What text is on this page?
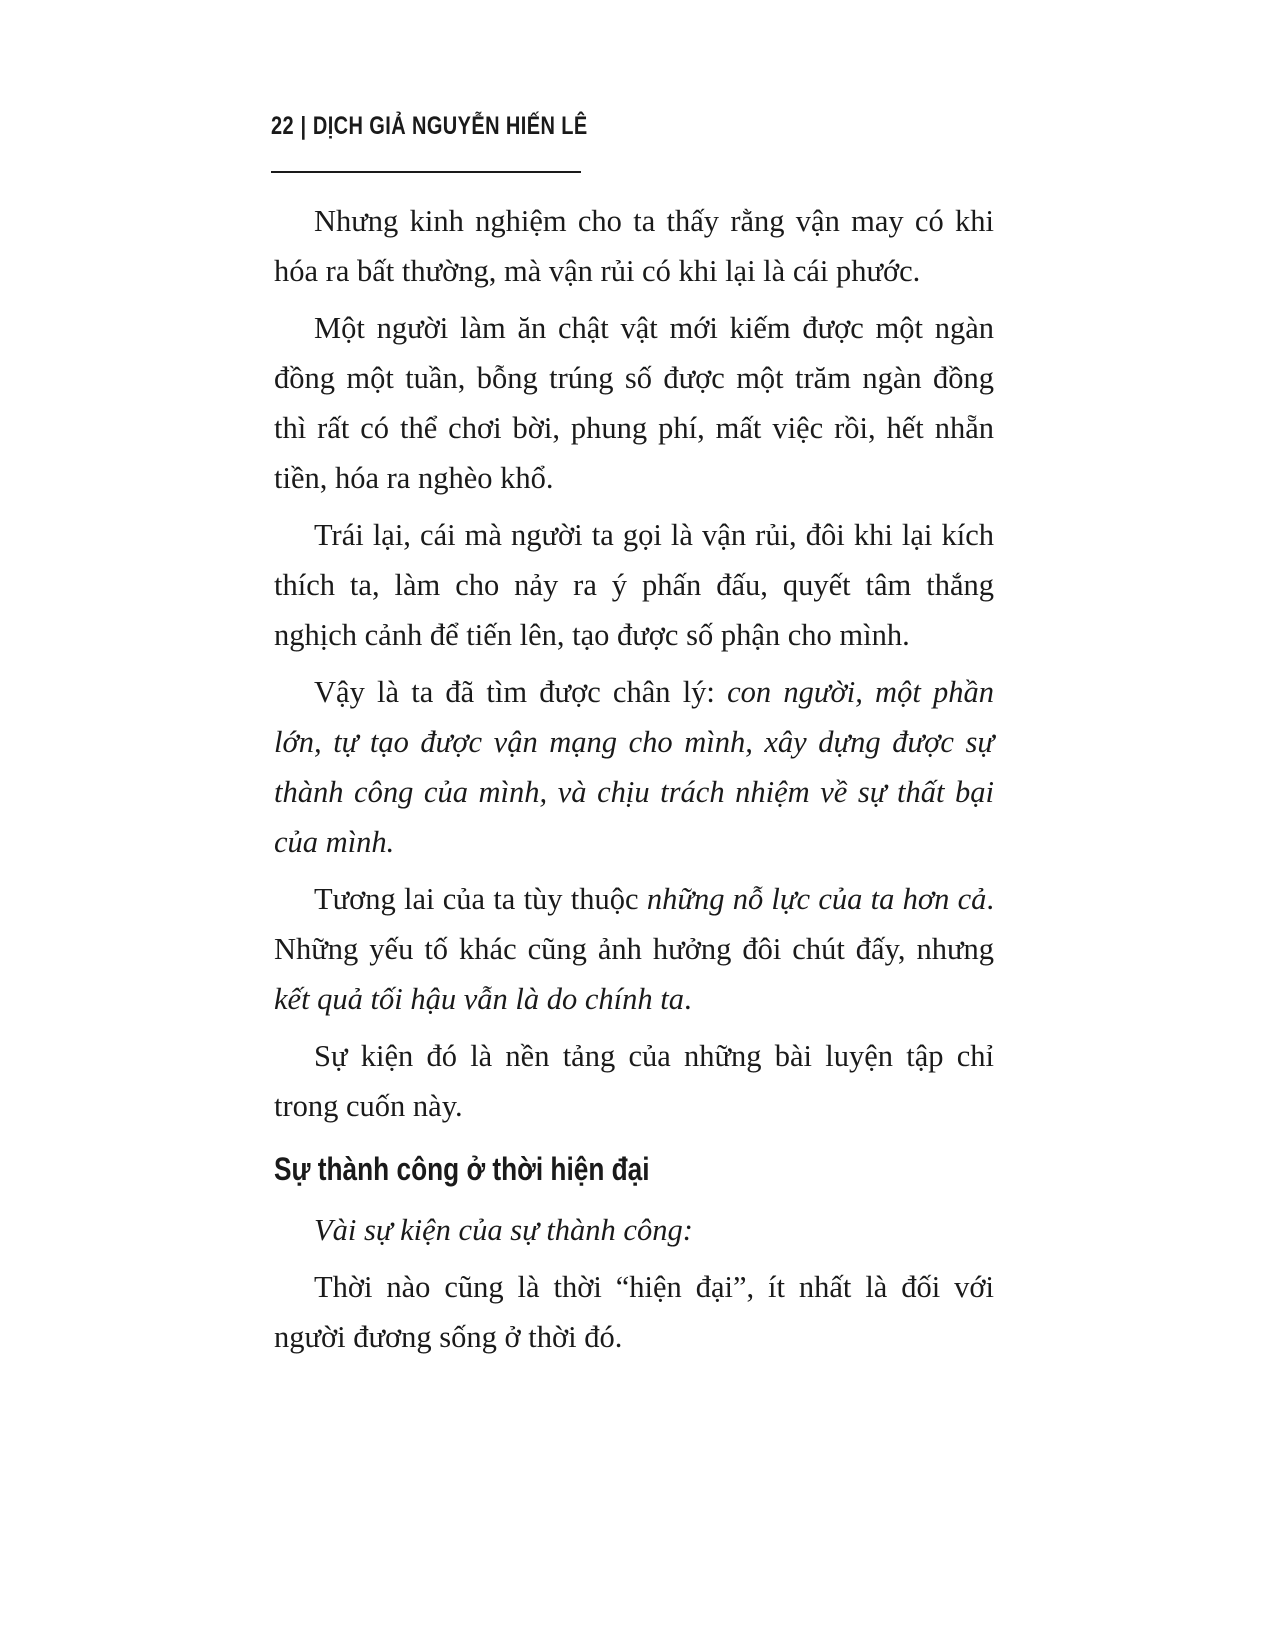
22 | DỊCH GIẢ NGUYỄN HIẾN LÊ

Nhưng kinh nghiệm cho ta thấy rằng vận may có khi hóa ra bất thường, mà vận rủi có khi lại là cái phước.

Một người làm ăn chật vật mới kiếm được một ngàn đồng một tuần, bỗng trúng số được một trăm ngàn đồng thì rất có thể chơi bời, phung phí, mất việc rồi, hết nhẵn tiền, hóa ra nghèo khổ.

Trái lại, cái mà người ta gọi là vận rủi, đôi khi lại kích thích ta, làm cho nảy ra ý phấn đấu, quyết tâm thắng nghịch cảnh để tiến lên, tạo được số phận cho mình.

Vậy là ta đã tìm được chân lý: con người, một phần lớn, tự tạo được vận mạng cho mình, xây dựng được sự thành công của mình, và chịu trách nhiệm về sự thất bại của mình.

Tương lai của ta tùy thuộc những nỗ lực của ta hơn cả. Những yếu tố khác cũng ảnh hưởng đôi chút đấy, nhưng kết quả tối hậu vẫn là do chính ta.

Sự kiện đó là nền tảng của những bài luyện tập chỉ trong cuốn này.

Sự thành công ở thời hiện đại

Vài sự kiện của sự thành công:

Thời nào cũng là thời “hiện đại”, ít nhất là đối với người đương sống ở thời đó.
